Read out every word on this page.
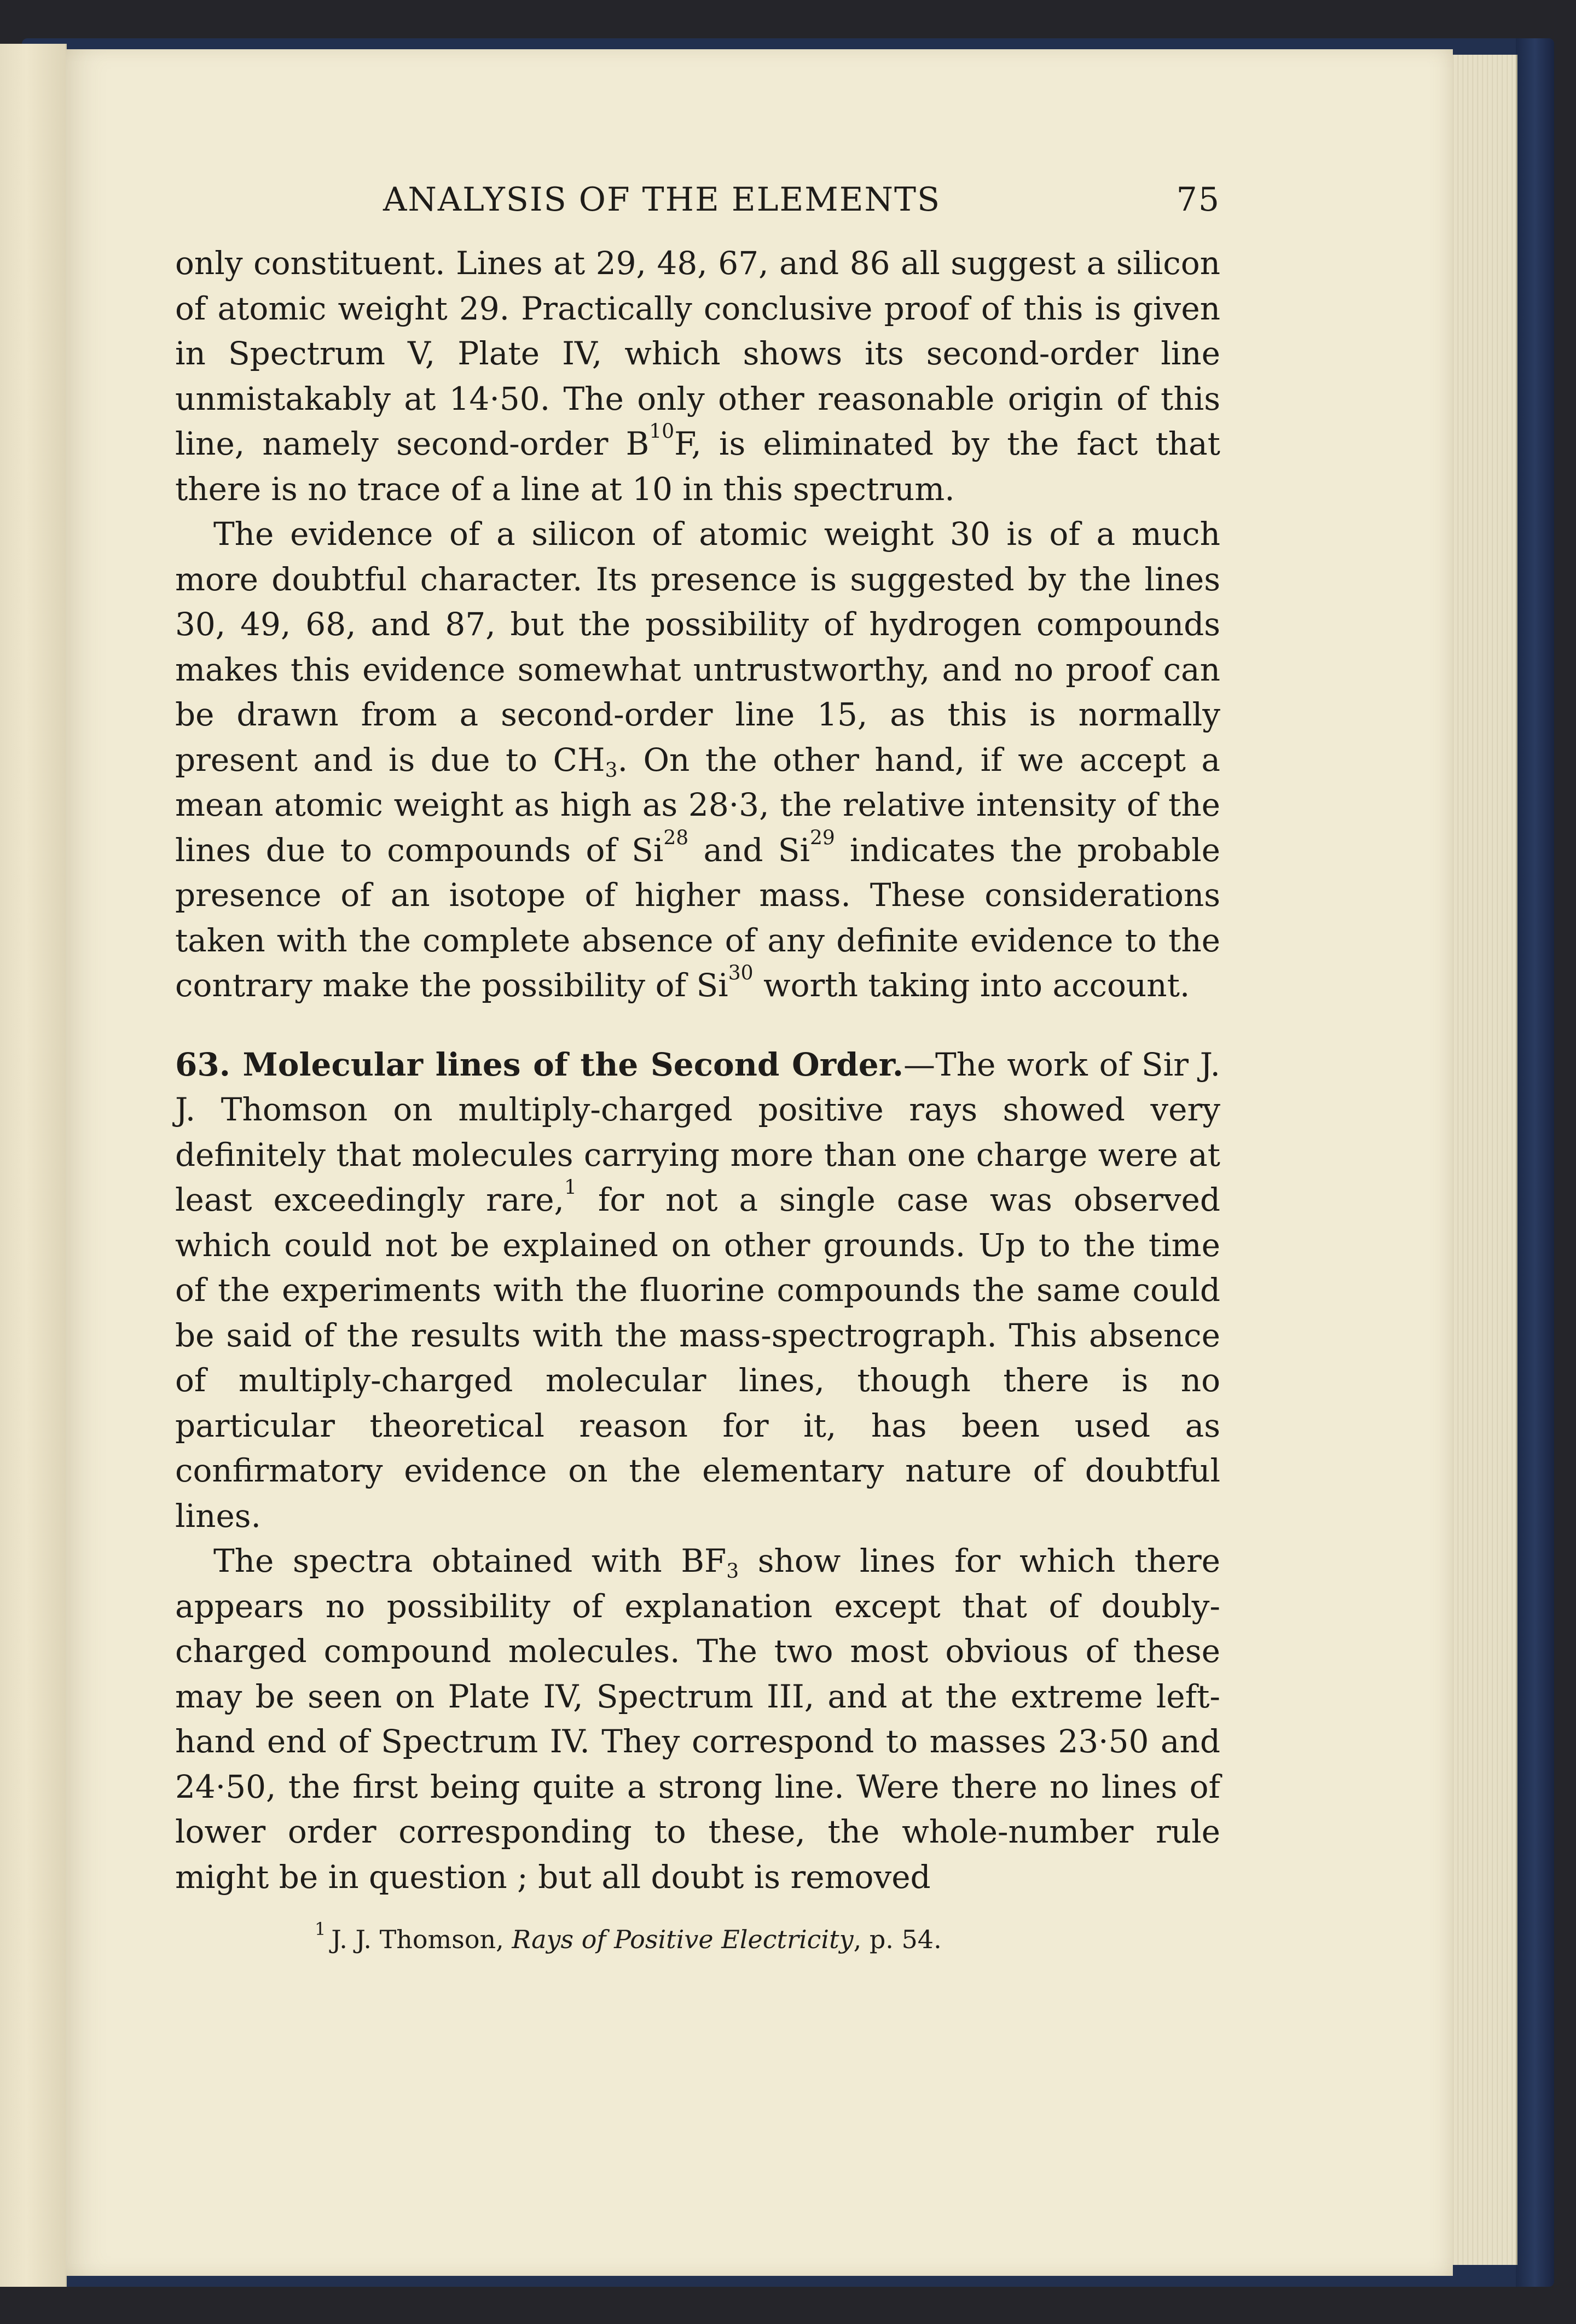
ANALYSIS OF THE ELEMENTS	75

only constituent. Lines at 29, 48, 67, and 86 all suggest a silicon of atomic weight 29. Practically conclusive proof of this is given in Spectrum V, Plate IV, which shows its second-order line unmistakably at 14·50. The only other reasonable origin of this line, namely second-order $B^{10}F$, is eliminated by the fact that there is no trace of a line at 10 in this spectrum.

The evidence of a silicon of atomic weight 30 is of a much more doubtful character. Its presence is suggested by the lines 30, 49, 68, and 87, but the possibility of hydrogen compounds makes this evidence somewhat untrustworthy, and no proof can be drawn from a second-order line 15, as this is normally present and is due to $CH_3$. On the other hand, if we accept a mean atomic weight as high as 28·3, the relative intensity of the lines due to compounds of Si$^{28}$ and Si$^{29}$ indicates the probable presence of an isotope of higher mass. These considerations taken with the complete absence of any definite evidence to the contrary make the possibility of Si$^{30}$ worth taking into account.

63. Molecular lines of the Second Order.—The work of Sir J. J. Thomson on multiply-charged positive rays showed very definitely that molecules carrying more than one charge were at least exceedingly rare,$^1$ for not a single case was observed which could not be explained on other grounds. Up to the time of the experiments with the fluorine compounds the same could be said of the results with the mass-spectrograph. This absence of multiply-charged molecular lines, though there is no particular theoretical reason for it, has been used as confirmatory evidence on the elementary nature of doubtful lines.

The spectra obtained with $BF_3$ show lines for which there appears no possibility of explanation except that of doubly-charged compound molecules. The two most obvious of these may be seen on Plate IV, Spectrum III, and at the extreme left-hand end of Spectrum IV. They correspond to masses 23·50 and 24·50, the first being quite a strong line. Were there no lines of lower order corresponding to these, the whole-number rule might be in question ; but all doubt is removed

$^1$ J. J. Thomson, Rays of Positive Electricity, p. 54.
